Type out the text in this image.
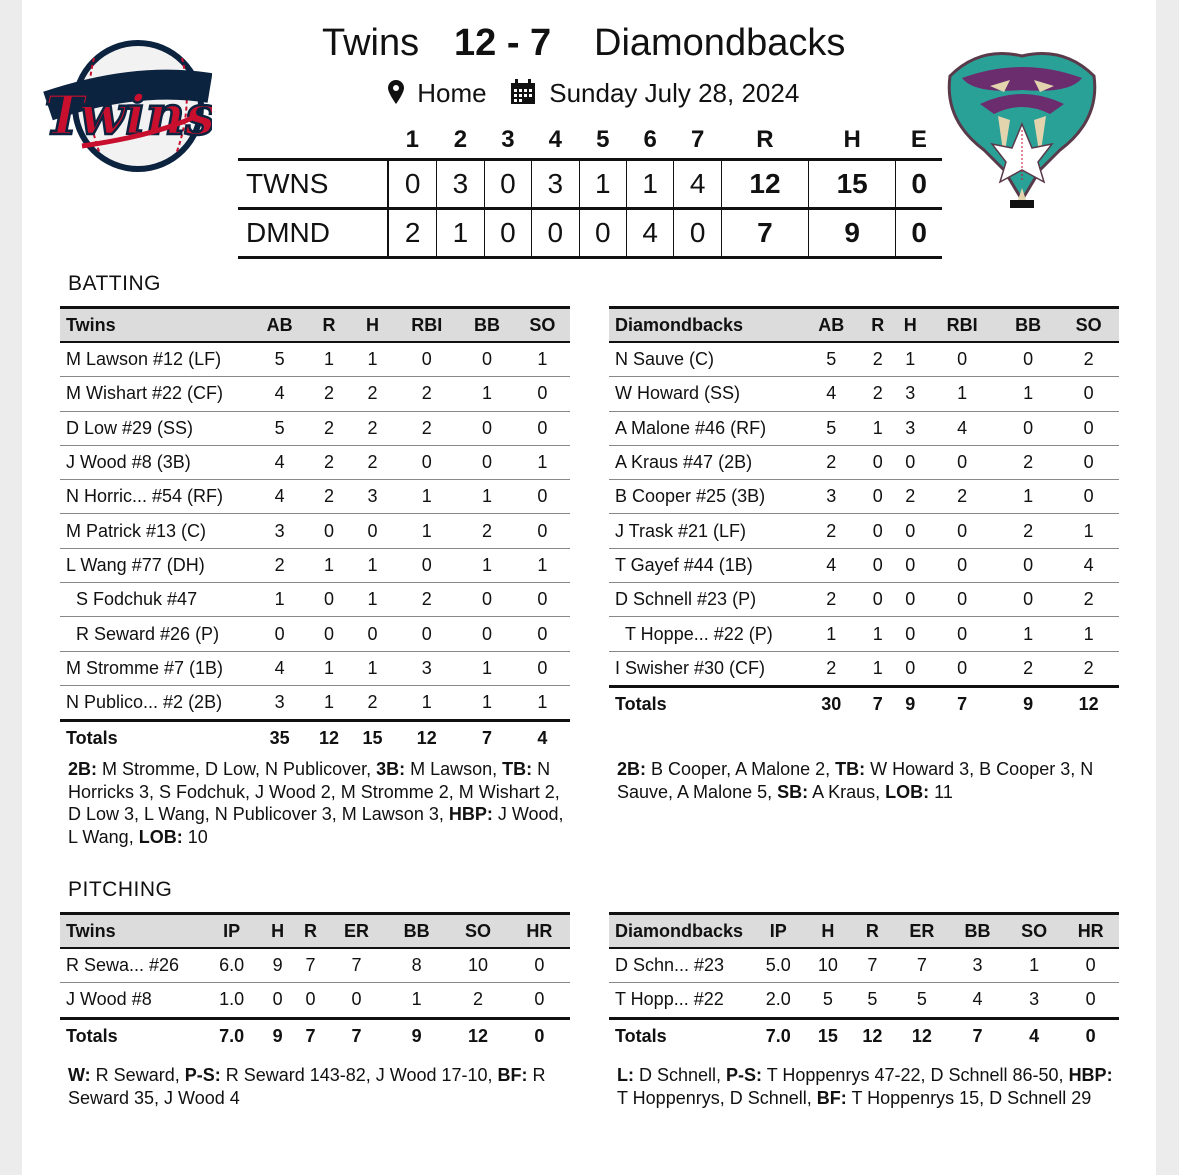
Twins
Twins 12 - 7 Diamondbacks
Home	Sunday July 28, 2024
	1	2	3	4	5	6	7	R	H	E
TWNS	0	3	0	3	1	1	4	12	15	0
DMND	2	1	0	0	0	4	0	7	9	0
BATTING
Twins	AB	R	H	RBI	BB	SO
M Lawson #12 (LF)	5	1	1	0	0	1
M Wishart #22 (CF)	4	2	2	2	1	0
D Low #29 (SS)	5	2	2	2	0	0
J Wood #8 (3B)	4	2	2	0	0	1
N Horric... #54 (RF)	4	2	3	1	1	0
M Patrick #13 (C)	3	0	0	1	2	0
L Wang #77 (DH)	2	1	1	0	1	1
S Fodchuk #47	1	0	1	2	0	0
R Seward #26 (P)	0	0	0	0	0	0
M Stromme #7 (1B)	4	1	1	3	1	0
N Publico... #2 (2B)	3	1	2	1	1	1
Totals	35	12	15	12	7	4
Diamondbacks	AB	R	H	RBI	BB	SO
N Sauve (C)	5	2	1	0	0	2
W Howard (SS)	4	2	3	1	1	0
A Malone #46 (RF)	5	1	3	4	0	0
A Kraus #47 (2B)	2	0	0	0	2	0
B Cooper #25 (3B)	3	0	2	2	1	0
J Trask #21 (LF)	2	0	0	0	2	1
T Gayef #44 (1B)	4	0	0	0	0	4
D Schnell #23 (P)	2	0	0	0	0	2
T Hoppe... #22 (P)	1	1	0	0	1	1
I Swisher #30 (CF)	2	1	0	0	2	2
Totals	30	7	9	7	9	12
2B: M Stromme, D Low, N Publicover, 3B: M Lawson, TB: N Horricks 3, S Fodchuk, J Wood 2, M Stromme 2, M Wishart 2, D Low 3, L Wang, N Publicover 3, M Lawson 3, HBP: J Wood, L Wang, LOB: 10
2B: B Cooper, A Malone 2, TB: W Howard 3, B Cooper 3, N Sauve, A Malone 5, SB: A Kraus, LOB: 11
PITCHING
Twins	IP	H	R	ER	BB	SO	HR
R Sewa... #26	6.0	9	7	7	8	10	0
J Wood #8	1.0	0	0	0	1	2	0
Totals	7.0	9	7	7	9	12	0
Diamondbacks	IP	H	R	ER	BB	SO	HR
D Schn... #23	5.0	10	7	7	3	1	0
T Hopp... #22	2.0	5	5	5	4	3	0
Totals	7.0	15	12	12	7	4	0
W: R Seward, P-S: R Seward 143-82, J Wood 17-10, BF: R Seward 35, J Wood 4
L: D Schnell, P-S: T Hoppenrys 47-22, D Schnell 86-50, HBP: T Hoppenrys, D Schnell, BF: T Hoppenrys 15, D Schnell 29
